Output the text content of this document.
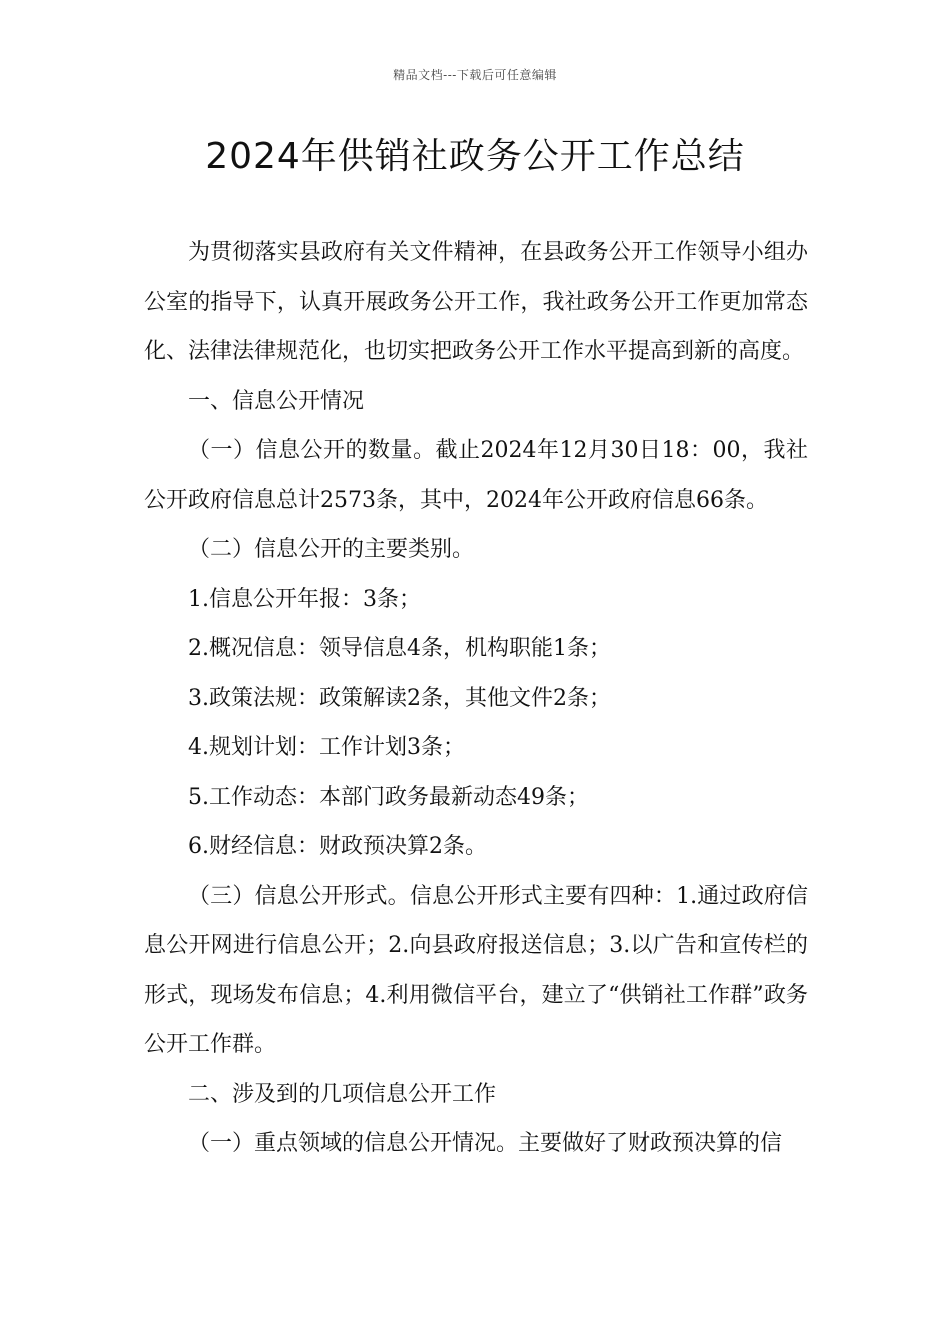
精品文档---下载后可任意编辑
2024年供销社政务公开工作总结

为贯彻落实县政府有关文件精神，在县政务公开工作领导小组办公室的指导下，认真开展政务公开工作，我社政务公开工作更加常态化、法律法律规范化，也切实把政务公开工作水平提高到新的高度。

一、信息公开情况

（一）信息公开的数量。截止2024年12月30日18：00，我社公开政府信息总计2573条，其中，2024年公开政府信息66条。

（二）信息公开的主要类别。

1.信息公开年报：3条；

2.概况信息：领导信息4条，机构职能1条；

3.政策法规：政策解读2条，其他文件2条；

4.规划计划：工作计划3条；

5.工作动态：本部门政务最新动态49条；

6.财经信息：财政预决算2条。

（三）信息公开形式。信息公开形式主要有四种：1.通过政府信息公开网进行信息公开；2.向县政府报送信息；3.以广告和宣传栏的形式，现场发布信息；4.利用微信平台，建立了“供销社工作群”政务公开工作群。

二、涉及到的几项信息公开工作

（一）重点领域的信息公开情况。主要做好了财政预决算的信
